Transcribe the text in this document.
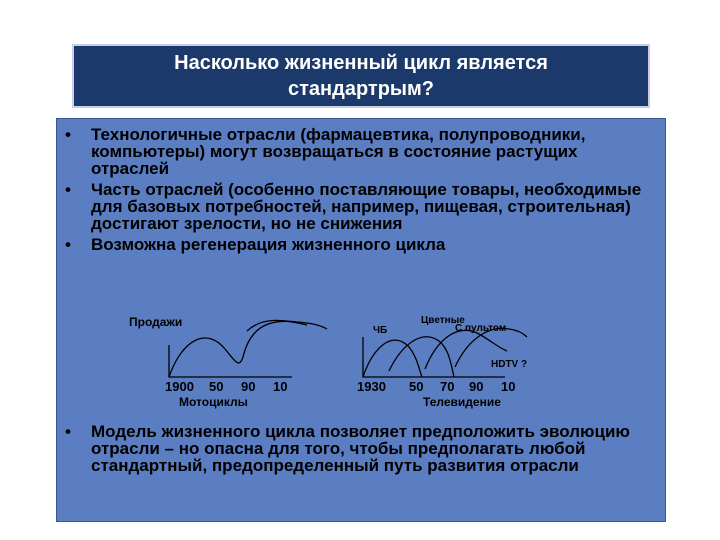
Насколько жизненный цикл является
стандартрым?
• Технологичные отрасли (фармацевтика, полупроводники, компьютеры) могут возвращаться в состояние растущих отраслей
• Часть отраслей (особенно поставляющие товары, необходимые для базовых потребностей, например, пищевая, строительная) достигают зрелости, но не снижения
• Возможна регенерация жизненного цикла
Продажи
1900 50 90 10
Мотоциклы
ЧБ
Цветные
С пультом
HDTV ?
1930 50 70 90 10
Телевидение
• Модель жизненного цикла позволяет предположить эволюцию отрасли – но опасна для того, чтобы предполагать любой стандартный, предопределенный путь развития отрасли
